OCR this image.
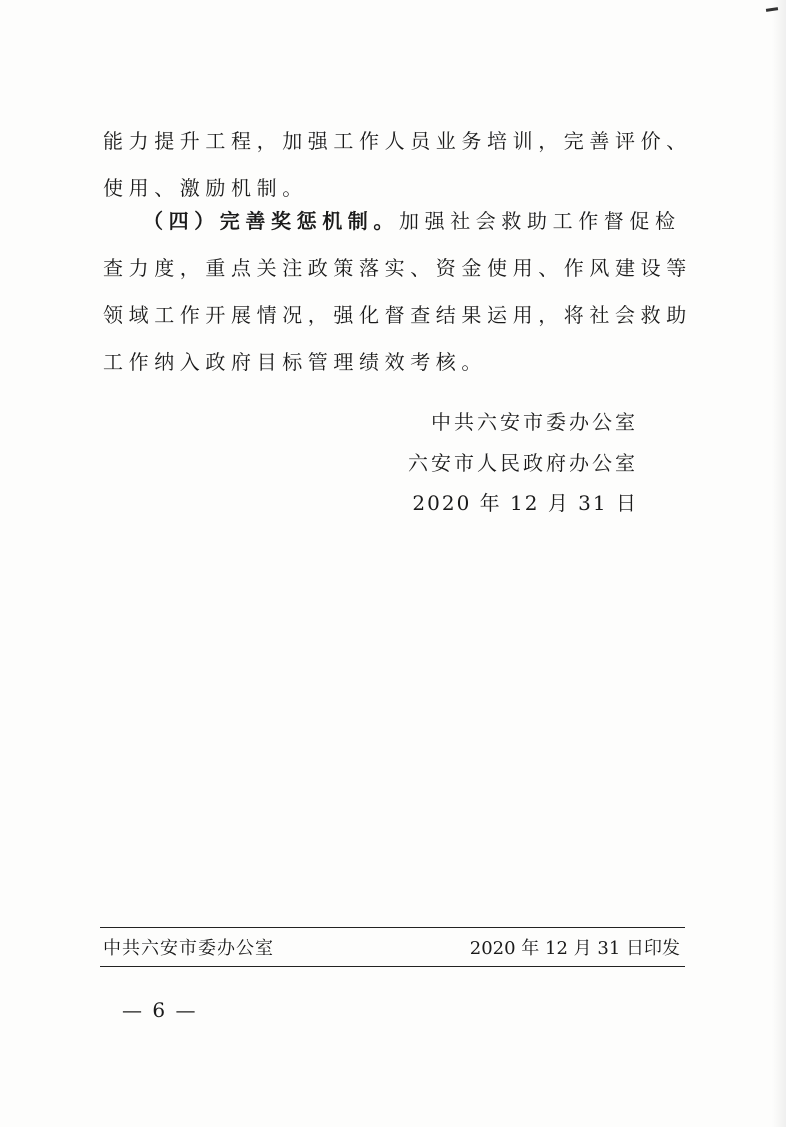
能力提升工程，加强工作人员业务培训，完善评价、使用、激励机制。

（四）完善奖惩机制。加强社会救助工作督促检查力度，重点关注政策落实、资金使用、作风建设等领域工作开展情况，强化督查结果运用，将社会救助工作纳入政府目标管理绩效考核。

中共六安市委办公室
六安市人民政府办公室
2020 年 12 月 31 日
中共六安市委办公室	2020 年 12 月 31 日印发
— 6 —
